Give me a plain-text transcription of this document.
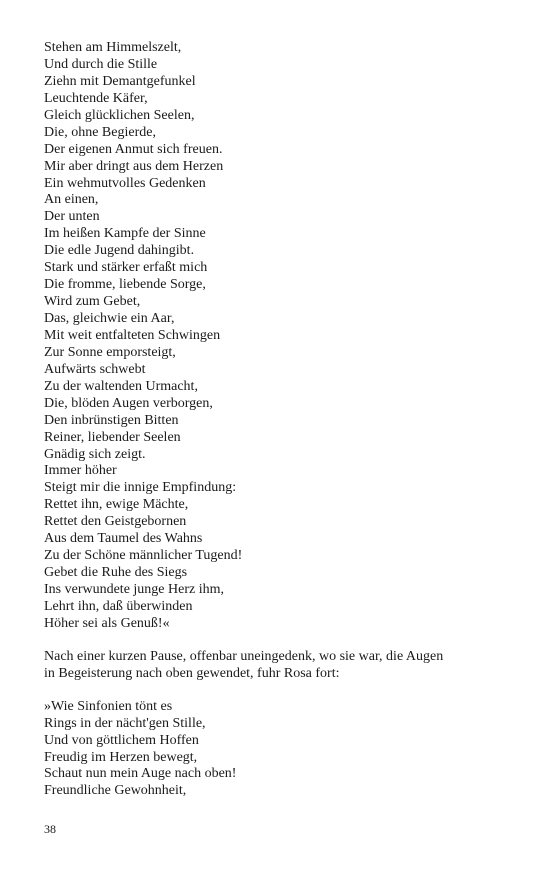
Stehen am Himmelszelt,
Und durch die Stille
Ziehn mit Demantgefunkel
Leuchtende Käfer,
Gleich glücklichen Seelen,
Die, ohne Begierde,
Der eigenen Anmut sich freuen.
Mir aber dringt aus dem Herzen
Ein wehmutvolles Gedenken
An einen,
Der unten
Im heißen Kampfe der Sinne
Die edle Jugend dahingibt.
Stark und stärker erfaßt mich
Die fromme, liebende Sorge,
Wird zum Gebet,
Das, gleichwie ein Aar,
Mit weit entfalteten Schwingen
Zur Sonne emporsteigt,
Aufwärts schwebt
Zu der waltenden Urmacht,
Die, blöden Augen verborgen,
Den inbrünstigen Bitten
Reiner, liebender Seelen
Gnädig sich zeigt.
Immer höher
Steigt mir die innige Empfindung:
Rettet ihn, ewige Mächte,
Rettet den Geistgebornen
Aus dem Taumel des Wahns
Zu der Schöne männlicher Tugend!
Gebet die Ruhe des Siegs
Ins verwundete junge Herz ihm,
Lehrt ihn, daß überwinden
Höher sei als Genuß!«
Nach einer kurzen Pause, offenbar uneingedenk, wo sie war, die Augen
in Begeisterung nach oben gewendet, fuhr Rosa fort:
»Wie Sinfonien tönt es
Rings in der nächt'gen Stille,
Und von göttlichem Hoffen
Freudig im Herzen bewegt,
Schaut nun mein Auge nach oben!
Freundliche Gewohnheit,
38
